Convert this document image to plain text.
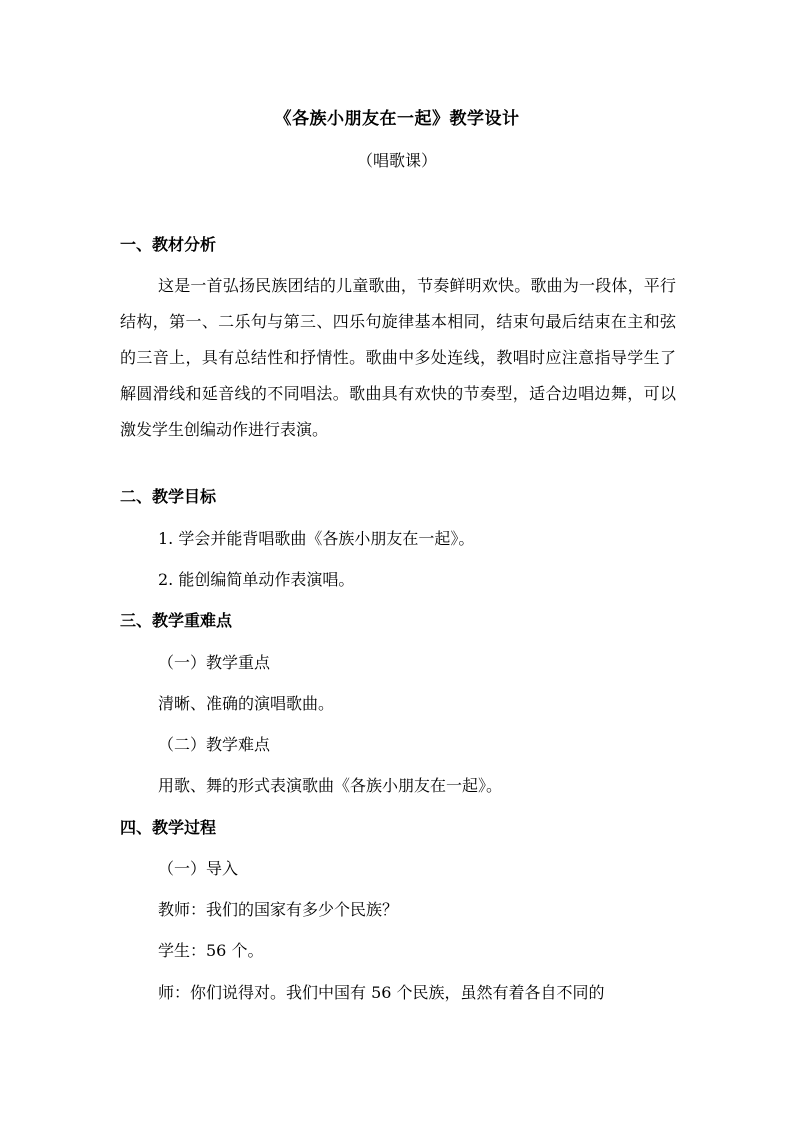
《各族小朋友在一起》教学设计
（唱歌课）
一、教材分析

这是一首弘扬民族团结的儿童歌曲，节奏鲜明欢快。歌曲为一段体，平行结构，第一、二乐句与第三、四乐句旋律基本相同，结束句最后结束在主和弦的三音上，具有总结性和抒情性。歌曲中多处连线，教唱时应注意指导学生了解圆滑线和延音线的不同唱法。歌曲具有欢快的节奏型，适合边唱边舞，可以激发学生创编动作进行表演。

二、教学目标
1. 学会并能背唱歌曲《各族小朋友在一起》。
2. 能创编简单动作表演唱。
三、教学重难点
（一）教学重点
清晰、准确的演唱歌曲。
（二）教学难点
用歌、舞的形式表演歌曲《各族小朋友在一起》。
四、教学过程
（一）导入
教师：我们的国家有多少个民族？
学生：56 个。
师：你们说得对。我们中国有 56 个民族，虽然有着各自不同的
